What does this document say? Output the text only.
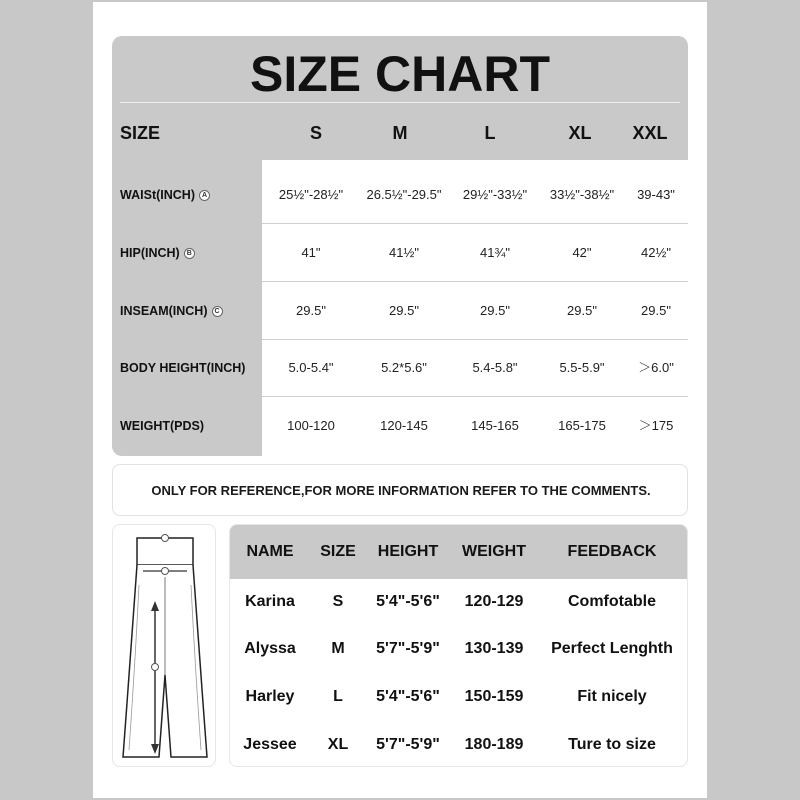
SIZE CHART
SIZE	S	M	L	XL	XXL
WAISt(INCH) A	25½"-28½"	26.5½"-29.5"	29½"-33½"	33½"-38½"	39-43"
HIP(INCH) B	41"	41½"	41¾"	42"	42½"
INSEAM(INCH) C	29.5"	29.5"	29.5"	29.5"	29.5"
BODY HEIGHT(INCH)	5.0-5.4"	5.2*5.6"	5.4-5.8"	5.5-5.9"	＞6.0"
WEIGHT(PDS)	100-120	120-145	145-165	165-175	＞175
ONLY FOR REFERENCE,FOR MORE INFORMATION REFER TO THE COMMENTS.
NAME	SIZE	HEIGHT	WEIGHT	FEEDBACK
Karina	S	5'4"-5'6"	120-129	Comfotable
Alyssa	M	5'7"-5'9"	130-139	Perfect Lenghth
Harley	L	5'4"-5'6"	150-159	Fit nicely
Jessee	XL	5'7"-5'9"	180-189	Ture to size
